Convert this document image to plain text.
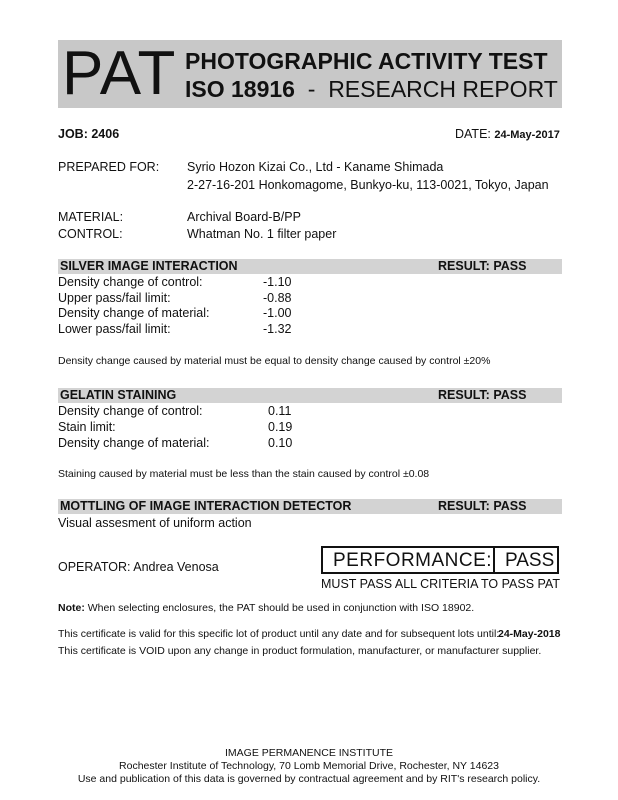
PAT PHOTOGRAPHIC ACTIVITY TEST
ISO 18916  -  RESEARCH REPORT
JOB: 2406	DATE: 24-May-2017
PREPARED FOR: Syrio Hozon Kizai Co., Ltd - Kaname Shimada
2-27-16-201 Honkomagome, Bunkyo-ku, 113-0021, Tokyo, Japan
MATERIAL:	Archival Board-B/PP
CONTROL:	Whatman No. 1 filter paper
SILVER IMAGE INTERACTION	RESULT: PASS
Density change of control:	-1.10
Upper pass/fail limit:	-0.88
Density change of material:	-1.00
Lower pass/fail limit:	-1.32
Density change caused by material must be equal to density change caused by control ±20%
GELATIN STAINING	RESULT: PASS
Density change of control:	0.11
Stain limit:	0.19
Density change of material:	0.10
Staining caused by material must be less than the stain caused by control ±0.08
MOTTLING OF IMAGE INTERACTION DETECTOR	RESULT: PASS
Visual assesment of uniform action
OPERATOR: Andrea Venosa	PERFORMANCE: PASS
MUST PASS ALL CRITERIA TO PASS PAT
Note: When selecting enclosures, the PAT should be used in conjunction with ISO 18902.
This certificate is valid for this specific lot of product until any date and for subsequent lots until:
24-May-2018
This certificate is VOID upon any change in product formulation, manufacturer, or manufacturer supplier.
IMAGE PERMANENCE INSTITUTE
Rochester Institute of Technology, 70 Lomb Memorial Drive, Rochester, NY 14623
Use and publication of this data is governed by contractual agreement and by RIT's research policy.
